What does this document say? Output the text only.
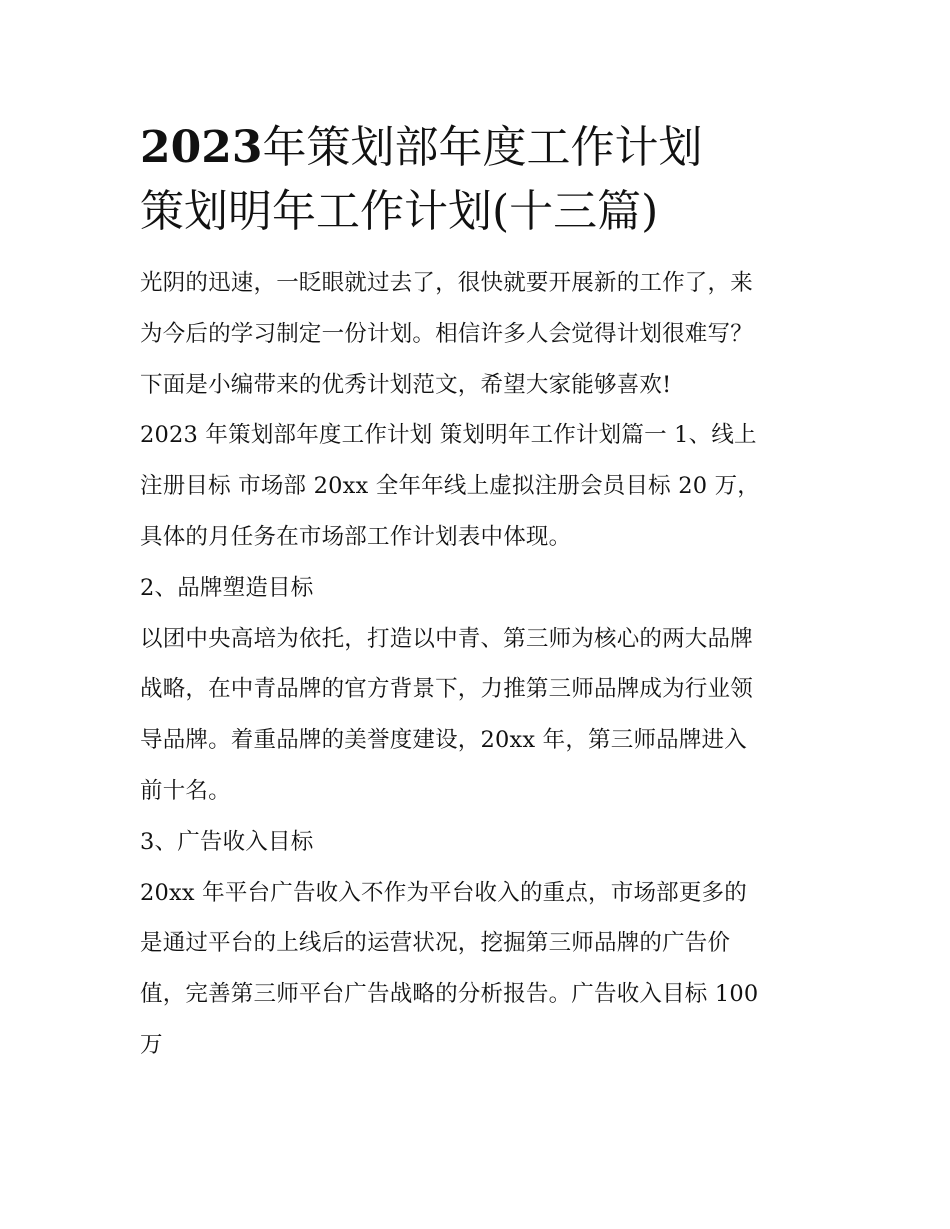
2023年策划部年度工作计划
策划明年工作计划(十三篇)

光阴的迅速，一眨眼就过去了，很快就要开展新的工作了，来
为今后的学习制定一份计划。相信许多人会觉得计划很难写？
下面是小编带来的优秀计划范文，希望大家能够喜欢!

2023 年策划部年度工作计划 策划明年工作计划篇一 1、线上
注册目标 市场部 20xx 全年年线上虚拟注册会员目标 20 万，
具体的月任务在市场部工作计划表中体现。

2、品牌塑造目标

以团中央高培为依托，打造以中青、第三师为核心的两大品牌
战略，在中青品牌的官方背景下，力推第三师品牌成为行业领
导品牌。着重品牌的美誉度建设，20xx 年，第三师品牌进入
前十名。

3、广告收入目标

20xx 年平台广告收入不作为平台收入的重点，市场部更多的
是通过平台的上线后的运营状况，挖掘第三师品牌的广告价
值，完善第三师平台广告战略的分析报告。广告收入目标 100
万
